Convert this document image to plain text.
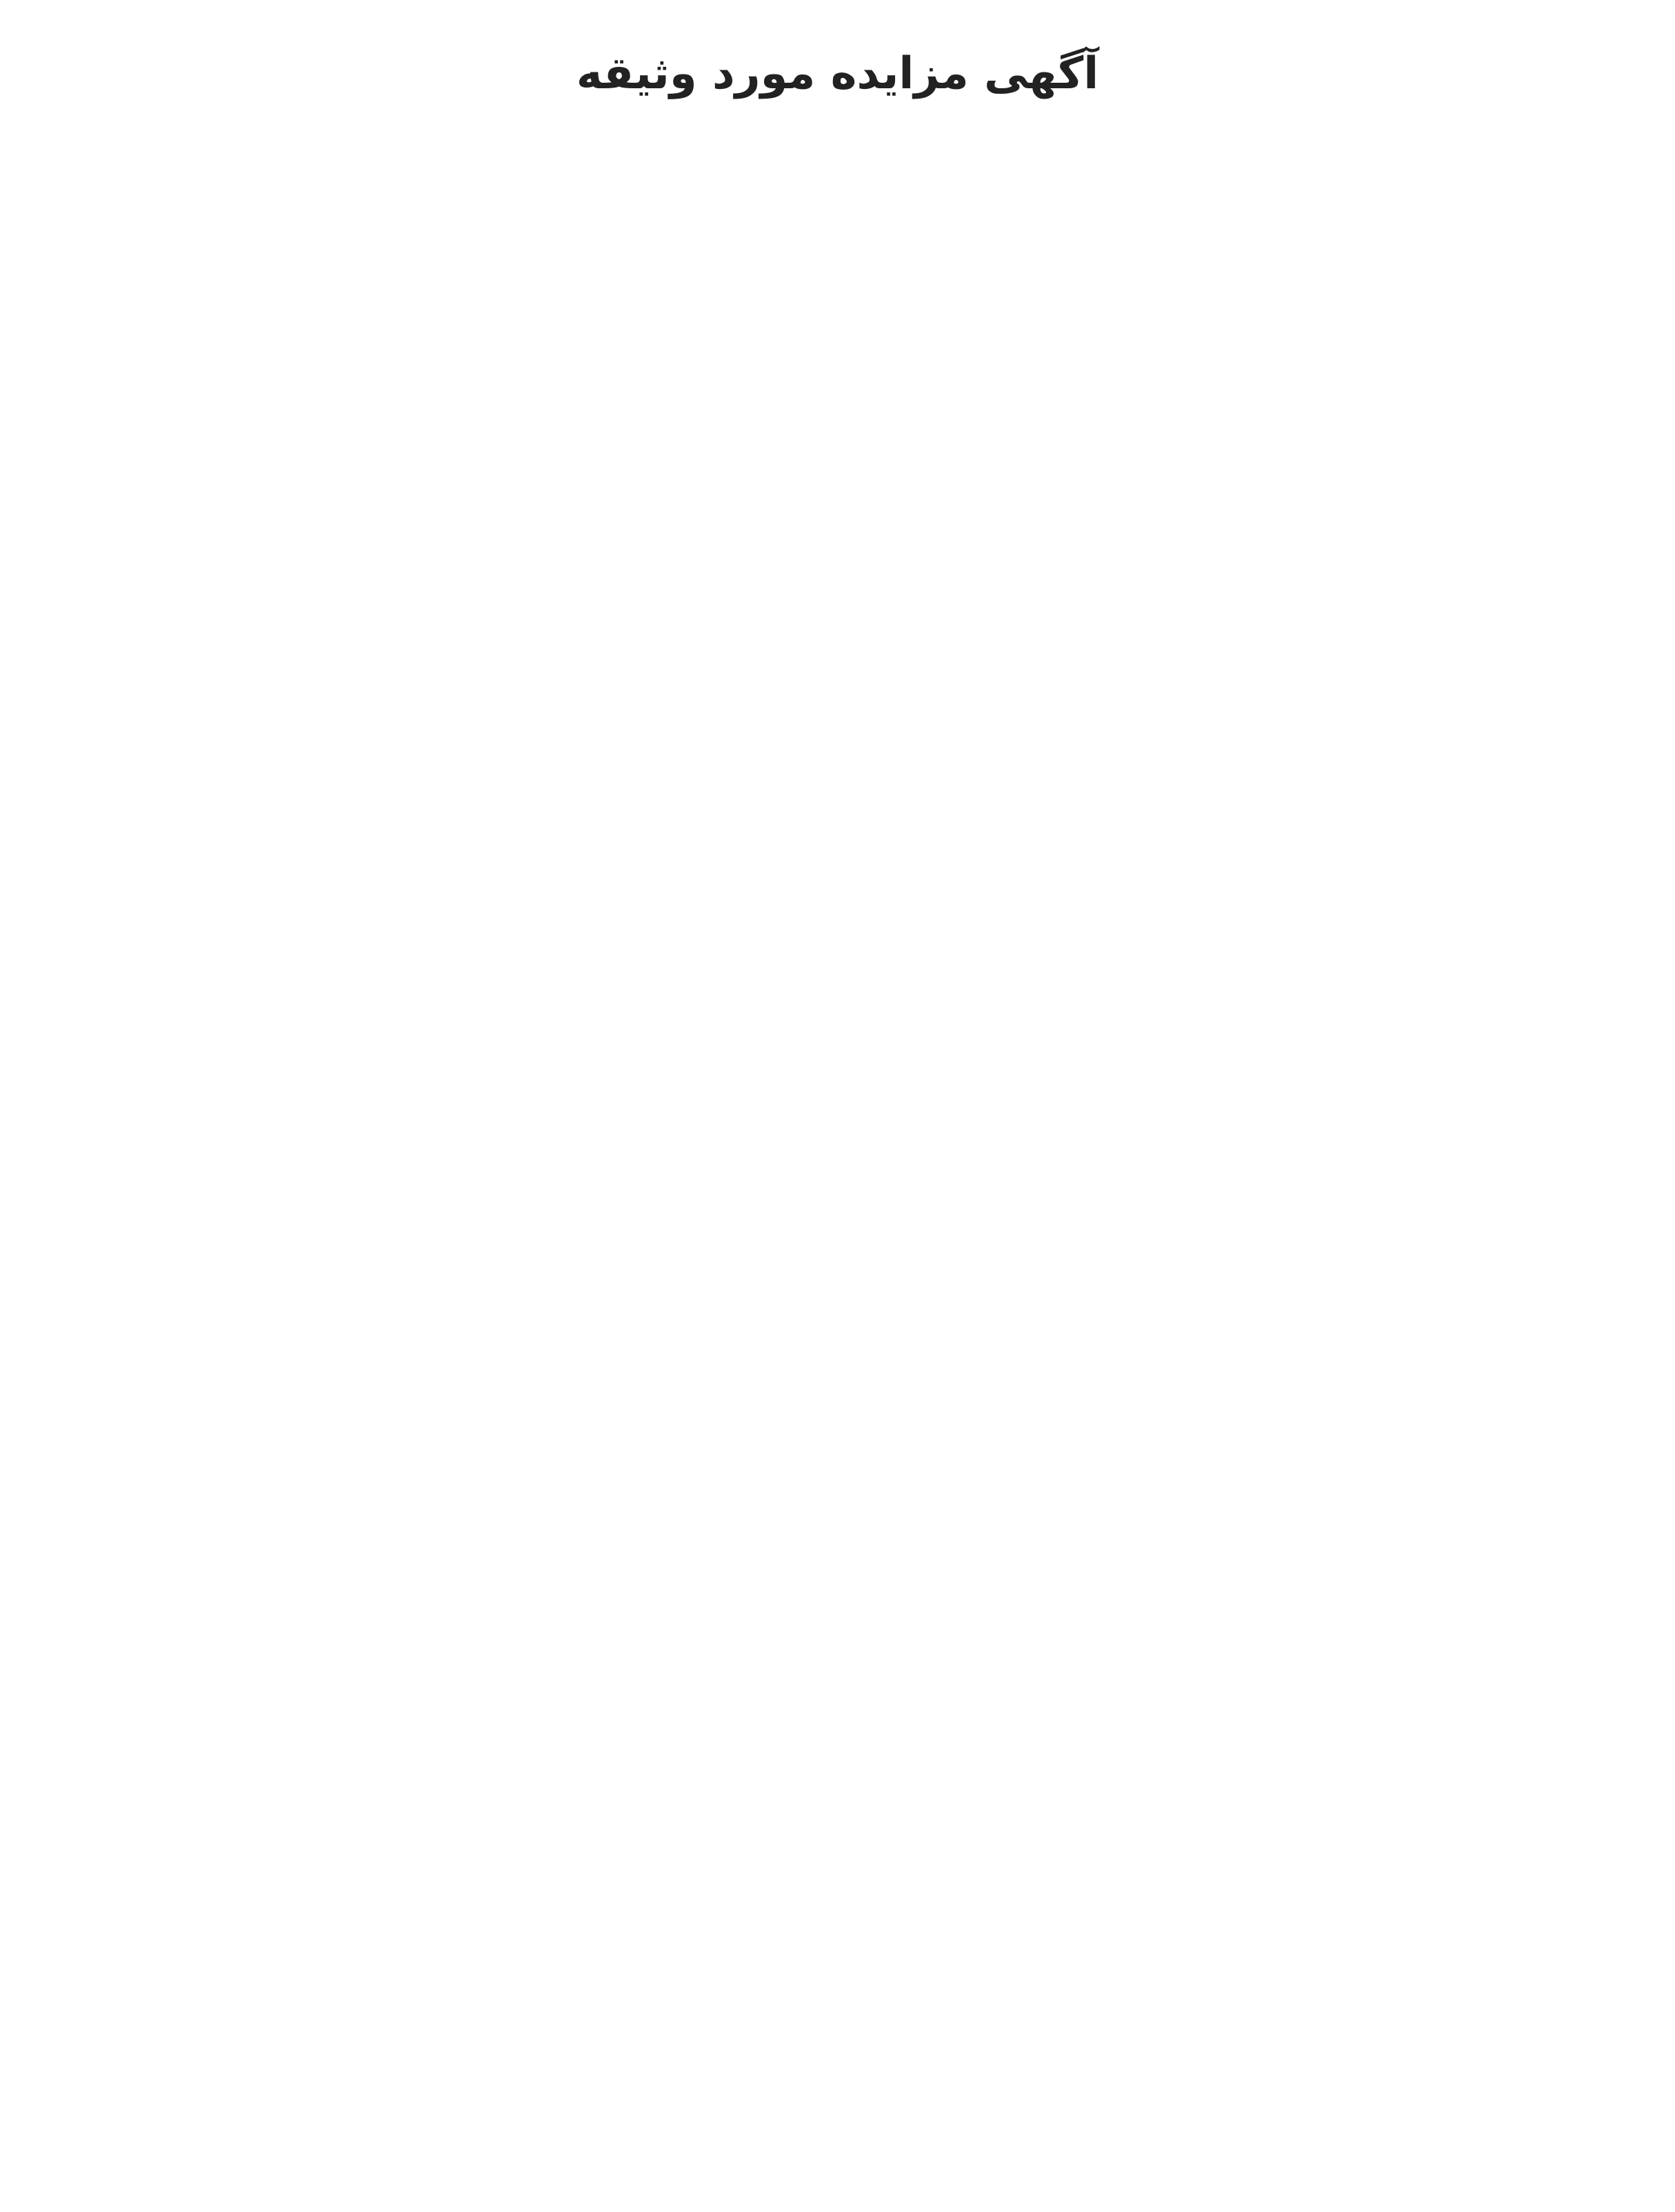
آگهی مزایده مورد وثیقه
